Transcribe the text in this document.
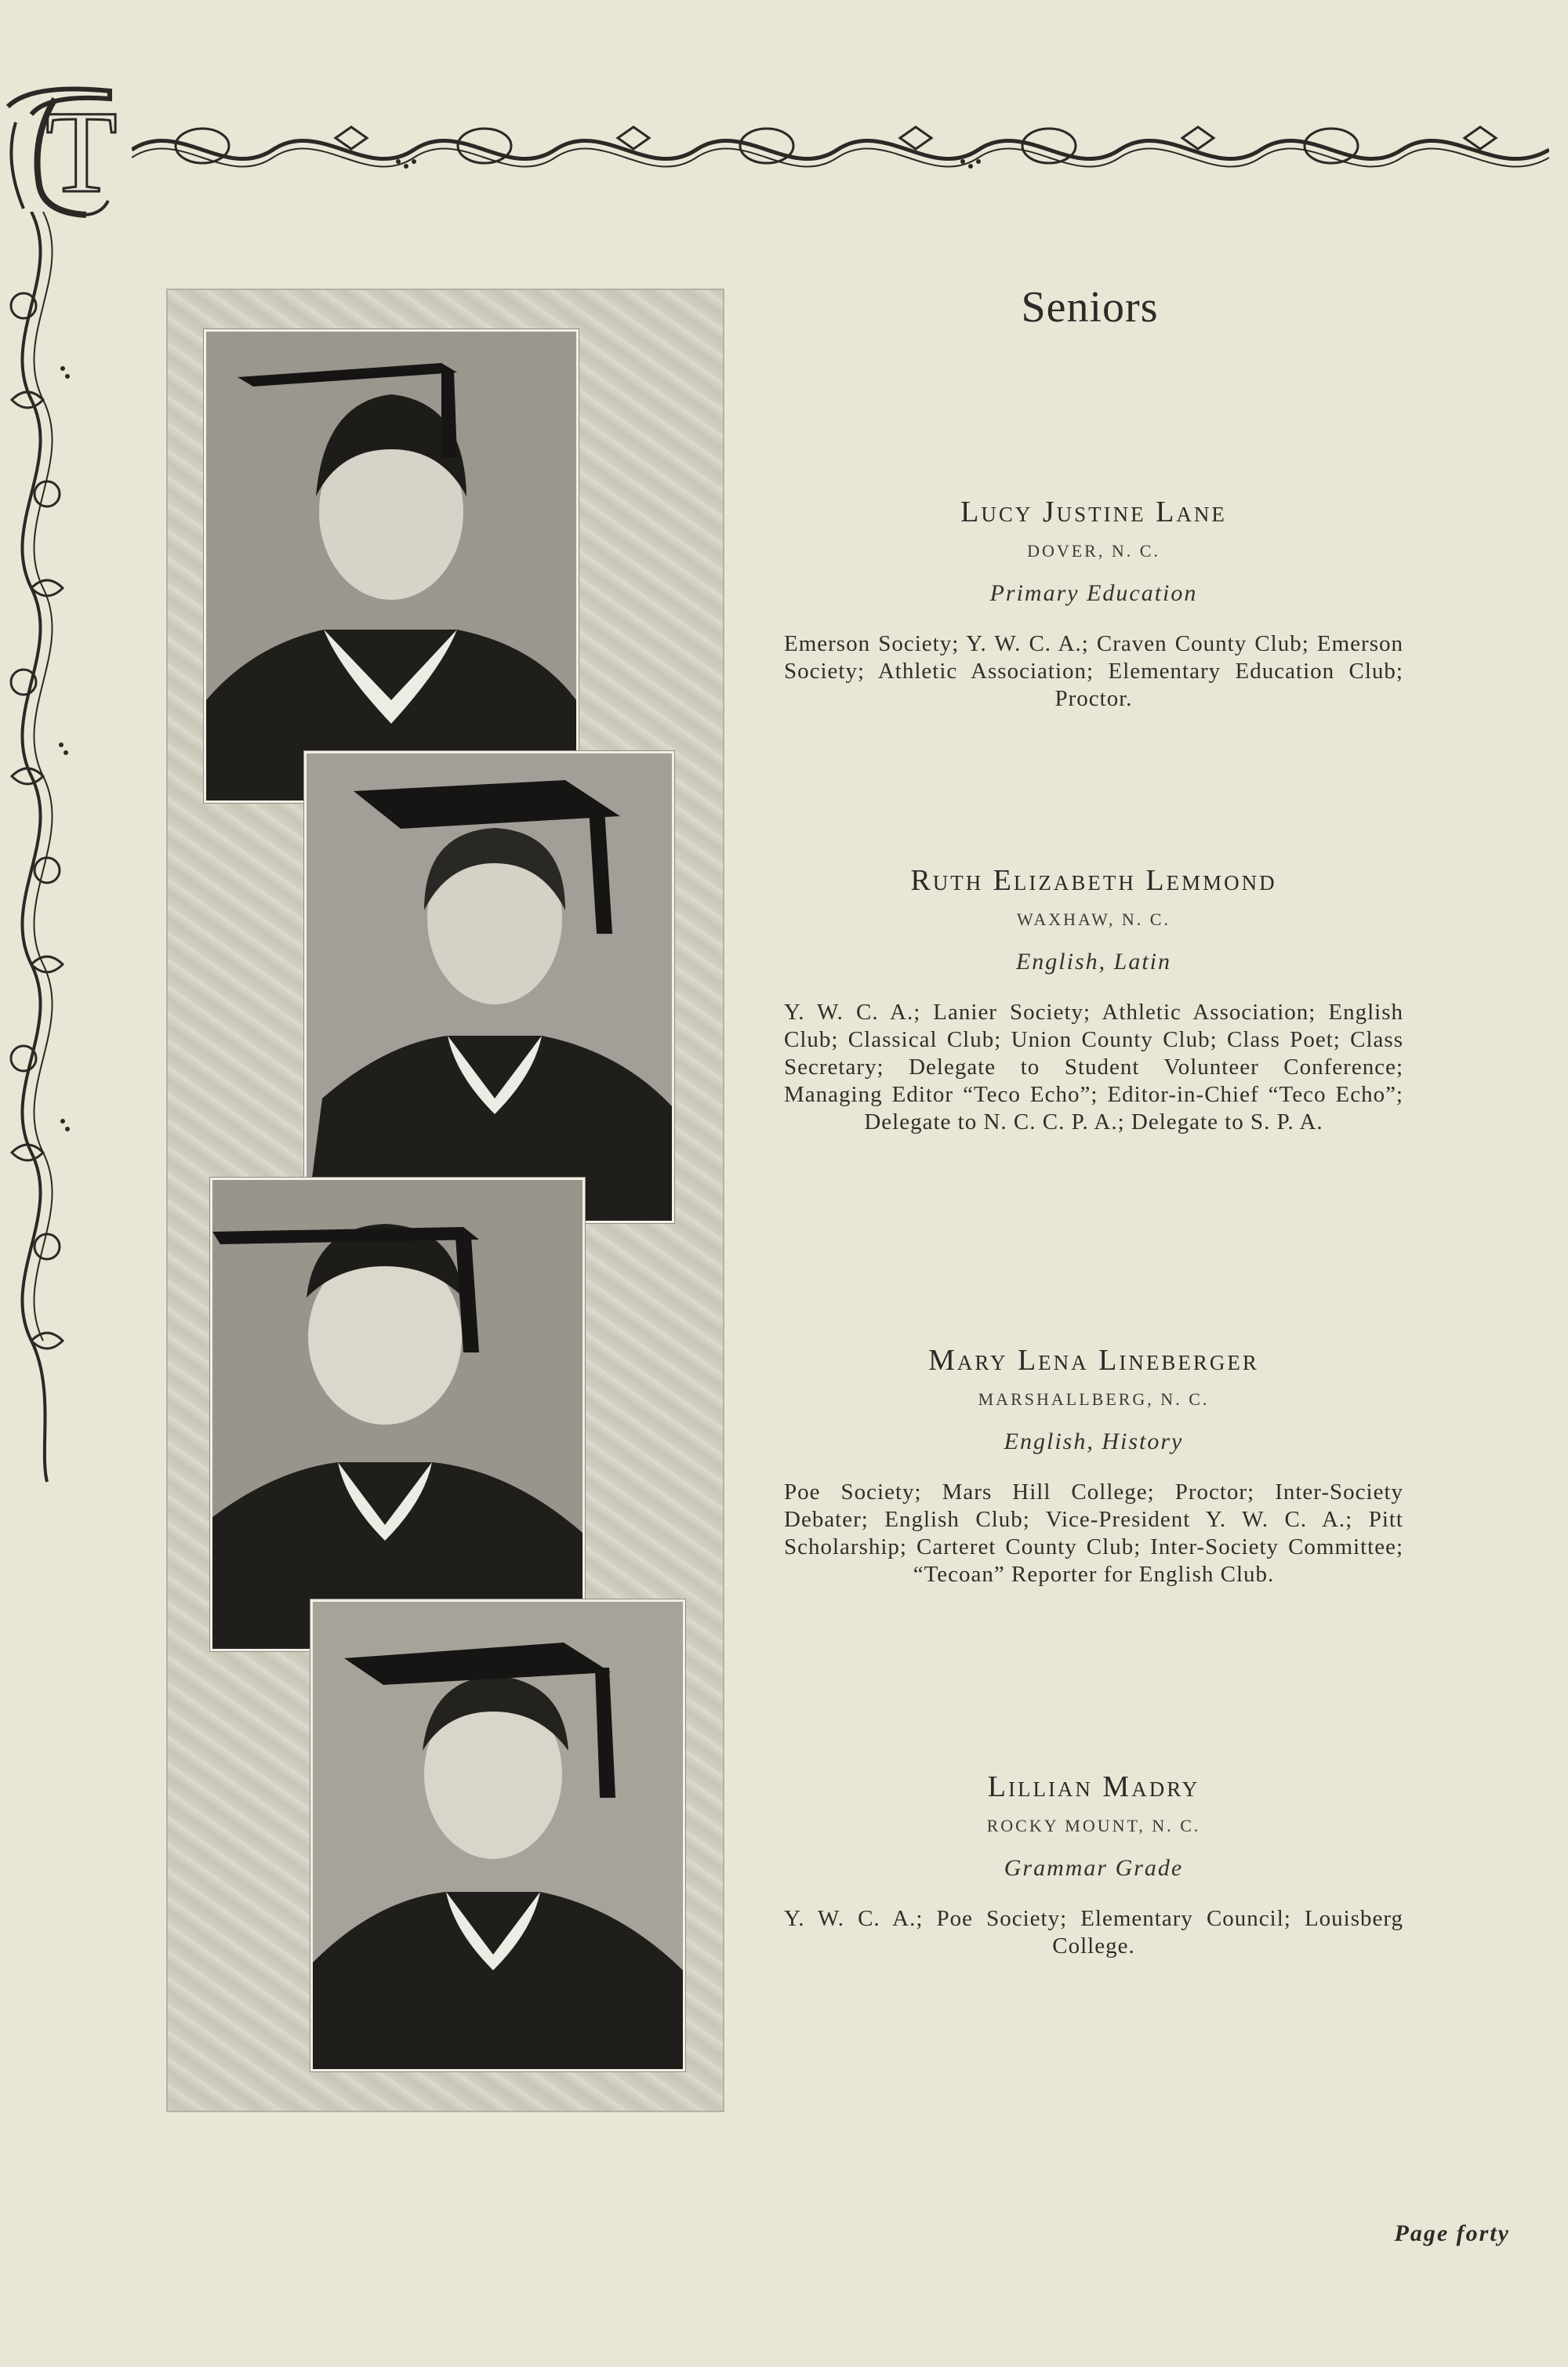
T
Seniors
Lucy Justine Lane
DOVER, N. C.
Primary Education
Emerson Society; Y. W. C. A.; Craven County Club; Emerson Society; Athletic Association; Elementary Education Club; Proctor.
Ruth Elizabeth Lemmond
WAXHAW, N. C.
English, Latin
Y. W. C. A.; Lanier Society; Athletic Association; English Club; Classical Club; Union County Club; Class Poet; Class Secretary; Delegate to Student Volunteer Conference; Managing Editor “Teco Echo”; Editor-in-Chief “Teco Echo”; Delegate to N. C. C. P. A.; Delegate to S. P. A.
Mary Lena Lineberger
MARSHALLBERG, N. C.
English, History
Poe Society; Mars Hill College; Proctor; Inter-Society Debater; English Club; Vice-President Y. W. C. A.; Pitt Scholarship; Carteret County Club; Inter-Society Committee; “Tecoan” Reporter for English Club.
Lillian Madry
ROCKY MOUNT, N. C.
Grammar Grade
Y. W. C. A.; Poe Society; Elementary Council; Louisberg College.
Page forty
